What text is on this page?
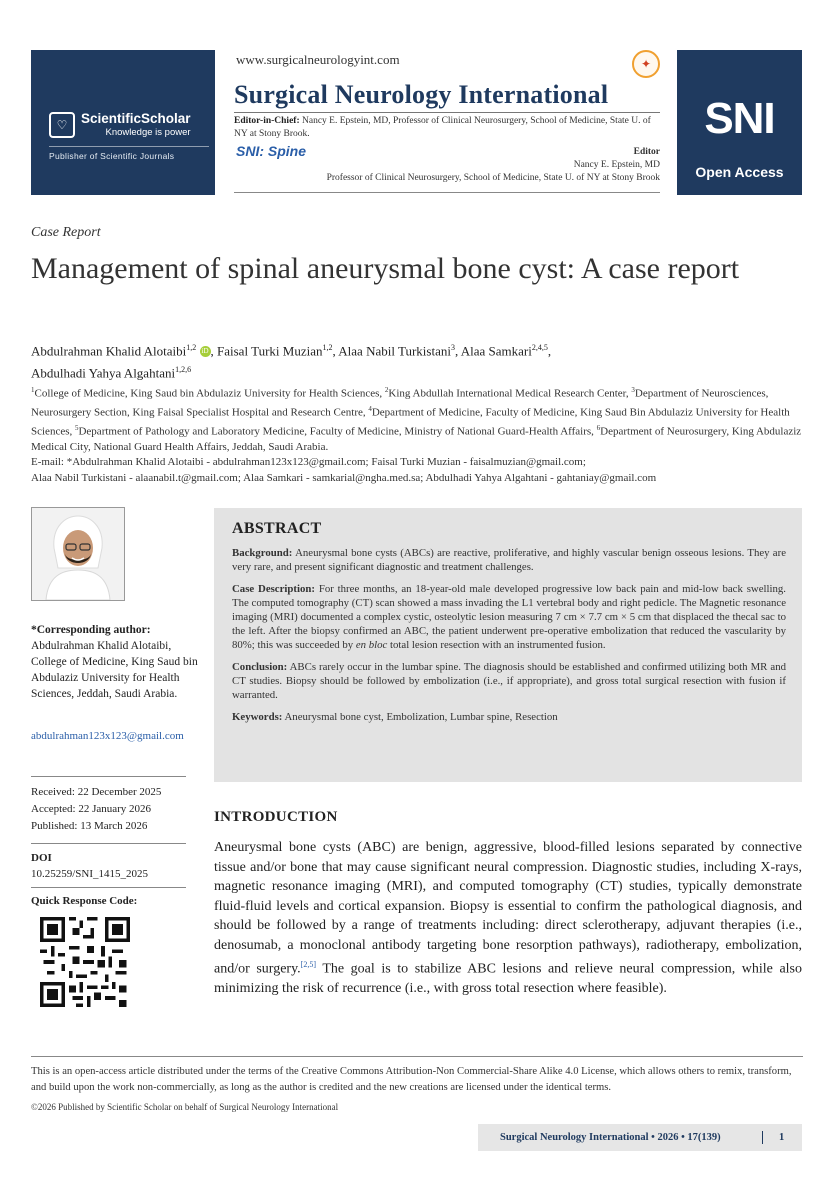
♡	ScientificScholar
Knowledge is power
Publisher of Scientific Journals
www.surgicalneurologyint.com	✦
Surgical Neurology International
Editor-in-Chief: Nancy E. Epstein, MD, Professor of Clinical Neurosurgery, School of Medicine, State U. of NY at Stony Brook.
SNI: Spine	Editor
Nancy E. Epstein, MD
Professor of Clinical Neurosurgery, School of Medicine, State U. of NY at Stony Brook
SNI
Open Access
Case Report
Management of spinal aneurysmal bone cyst: A case report
Abdulrahman Khalid Alotaibi$^{1,2}$ iD , Faisal Turki Muzian$^{1,2}$, Alaa Nabil Turkistani$^3$, Alaa Samkari$^{2,4,5}$,
Abdulhadi Yahya Algahtani$^{1,2,6}$
$^1$College of Medicine, King Saud bin Abdulaziz University for Health Sciences, $^2$King Abdullah International Medical Research Center, $^3$Department of Neurosciences, Neurosurgery Section, King Faisal Specialist Hospital and Research Centre, $^4$Department of Medicine, Faculty of Medicine, King Saud Bin Abdulaziz University for Health Sciences, $^5$Department of Pathology and Laboratory Medicine, Faculty of Medicine, Ministry of National Guard-Health Affairs, $^6$Department of Neurosurgery, King Abdulaziz Medical City, National Guard Health Affairs, Jeddah, Saudi Arabia.
E-mail: *Abdulrahman Khalid Alotaibi - abdulrahman123x123@gmail.com; Faisal Turki Muzian - faisalmuzian@gmail.com;
Alaa Nabil Turkistani - alaanabil.t@gmail.com; Alaa Samkari - samkarial@ngha.med.sa; Abdulhadi Yahya Algahtani - gahtaniay@gmail.com
*Corresponding author:
Abdulrahman Khalid Alotaibi, College of Medicine, King Saud bin Abdulaziz University for Health Sciences, Jeddah, Saudi Arabia.
abdulrahman123x123@gmail.com
Received: 22 December 2025
Accepted: 22 January 2026
Published: 13 March 2026
DOI
10.25259/SNI_1415_2025
Quick Response Code:
ABSTRACT

Background: Aneurysmal bone cysts (ABCs) are reactive, proliferative, and highly vascular benign osseous lesions. They are very rare, and present significant diagnostic and treatment challenges.

Case Description: For three months, an 18-year-old male developed progressive low back pain and mid-low back swelling. The computed tomography (CT) scan showed a mass invading the L1 vertebral body and right pedicle. The Magnetic resonance imaging (MRI) documented a complex cystic, osteolytic lesion measuring 7 cm × 7.7 cm × 5 cm that displaced the thecal sac to the left. After the biopsy confirmed an ABC, the patient underwent pre-operative embolization that reduced the vascularity by 80%; this was succeeded by en bloc total lesion resection with an instrumented fusion.

Conclusion: ABCs rarely occur in the lumbar spine. The diagnosis should be established and confirmed utilizing both MR and CT studies. Biopsy should be followed by embolization (i.e., if appropriate), and gross total surgical resection with fusion if warranted.

Keywords: Aneurysmal bone cyst, Embolization, Lumbar spine, Resection

INTRODUCTION
Aneurysmal bone cysts (ABC) are benign, aggressive, blood-filled lesions separated by connective tissue and/or bone that may cause significant neural compression. Diagnostic studies, including X-rays, magnetic resonance imaging (MRI), and computed tomography (CT) studies, typically demonstrate fluid-fluid levels and cortical expansion. Biopsy is essential to confirm the pathological diagnosis, and should be followed by a range of treatments including: direct sclerotherapy, adjuvant therapies (i.e., denosumab, a monoclonal antibody targeting bone resorption pathways), radiotherapy, embolization, and/or surgery.[2,5] The goal is to stabilize ABC lesions and relieve neural compression, while also minimizing the risk of recurrence (i.e., with gross total resection where feasible).
This is an open-access article distributed under the terms of the Creative Commons Attribution-Non Commercial-Share Alike 4.0 License, which allows others to remix, transform, and build upon the work non-commercially, as long as the author is credited and the new creations are licensed under the identical terms.
©2026 Published by Scientific Scholar on behalf of Surgical Neurology International
Surgical Neurology International • 2026 • 17(139)	1
